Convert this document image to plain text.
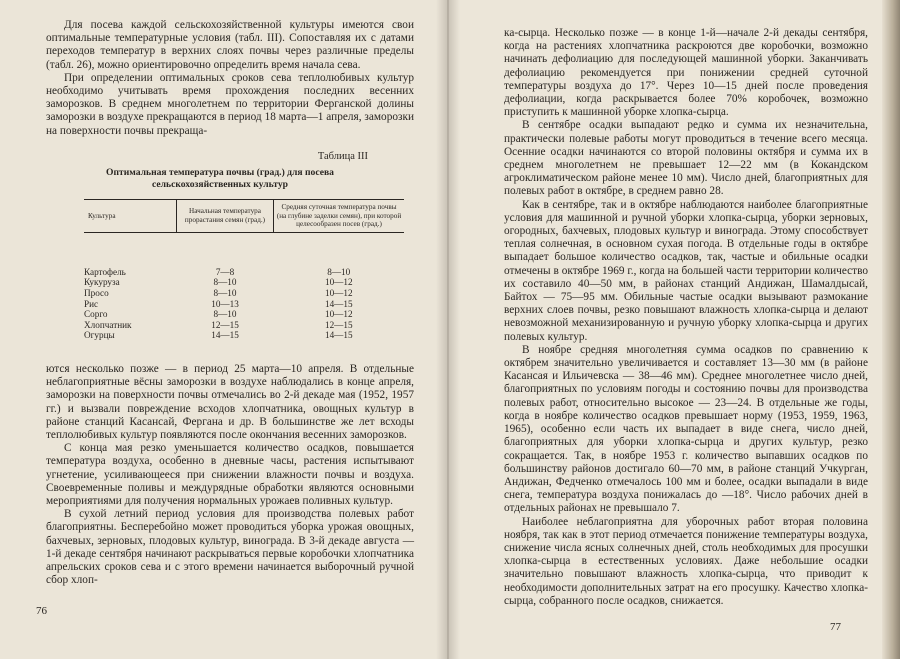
Для посева каждой сельскохозяйственной культуры имеются свои оптимальные температурные условия (табл. III). Сопоставляя их с датами переходов температур в верхних слоях почвы через различные пределы (табл. 26), можно ориентировочно определить время начала сева.

При определении оптимальных сроков сева теплолюбивых культур необходимо учитывать время прохождения последних весенних заморозков. В среднем многолетнем по территории Ферганской долины заморозки в воздухе прекращаются в период 18 марта—1 апреля, заморозки на поверхности почвы прекраща-

Таблица III
Оптимальная температура почвы (град.) для посева сельскохозяйственных культур
Культура	Начальная температура прорастания семян (град.)	Средняя суточная температура почвы (на глубине заделки семян), при которой целесообразен посев (град.)
Картофель	7—8	8—10
Кукуруза	8—10	10—12
Просо	8—10	10—12
Рис	10—13	14—15
Сорго	8—10	10—12
Хлопчатник	12—15	12—15
Огурцы	14—15	14—15

ются несколько позже — в период 25 марта—10 апреля. В отдельные неблагоприятные вёсны заморозки в воздухе наблюдались в конце апреля, заморозки на поверхности почвы отмечались во 2-й декаде мая (1952, 1957 гг.) и вызвали повреждение всходов хлопчатника, овощных культур в районе станций Касансай, Фергана и др. В большинстве же лет всходы теплолюбивых культур появляются после окончания весенних заморозков.

С конца мая резко уменьшается количество осадков, повышается температура воздуха, особенно в дневные часы, растения испытывают угнетение, усиливающееся при снижении влажности почвы и воздуха. Своевременные поливы и междурядные обработки являются основными мероприятиями для получения нормальных урожаев поливных культур.

В сухой летний период условия для производства полевых работ благоприятны. Бесперебойно может проводиться уборка урожая овощных, бахчевых, зерновых, плодовых культур, винограда. В 3-й декаде августа — 1-й декаде сентября начинают раскрываться первые коробочки хлопчатника апрельских сроков сева и с этого времени начинается выборочный ручной сбор хлоп-

76

ка-сырца. Несколько позже — в конце 1-й—начале 2-й декады сентября, когда на растениях хлопчатника раскроются две коробочки, возможно начинать дефолиацию для последующей машинной уборки. Заканчивать дефолиацию рекомендуется при понижении средней суточной температуры воздуха до 17°. Через 10—15 дней после проведения дефолиации, когда раскрывается более 70% коробочек, возможно приступить к машинной уборке хлопка-сырца.

В сентябре осадки выпадают редко и сумма их незначительна, практически полевые работы могут проводиться в течение всего месяца. Осенние осадки начинаются со второй половины октября и сумма их в среднем многолетнем не превышает 12—22 мм (в Кокандском агроклиматическом районе менее 10 мм). Число дней, благоприятных для полевых работ в октябре, в среднем равно 28.

Как в сентябре, так и в октябре наблюдаются наиболее благоприятные условия для машинной и ручной уборки хлопка-сырца, уборки зерновых, огородных, бахчевых, плодовых культур и винограда. Этому способствует теплая солнечная, в основном сухая погода. В отдельные годы в октябре выпадает большое количество осадков, так, частые и обильные осадки отмечены в октябре 1969 г., когда на большей части территории количество их составило 40—50 мм, в районах станций Андижан, Шамалдысай, Байтох — 75—95 мм. Обильные частые осадки вызывают размокание верхних слоев почвы, резко повышают влажность хлопка-сырца и делают невозможной механизированную и ручную уборку хлопка-сырца и других полевых культур.

В ноябре средняя многолетняя сумма осадков по сравнению к октябрем значительно увеличивается и составляет 13—30 мм (в районе Касансая и Ильичевска — 38—46 мм). Среднее многолетнее число дней, благоприятных по условиям погоды и состоянию почвы для производства полевых работ, относительно высокое — 23—24. В отдельные же годы, когда в ноябре количество осадков превышает норму (1953, 1959, 1963, 1965), особенно если часть их выпадает в виде снега, число дней, благоприятных для уборки хлопка-сырца и других культур, резко сокращается. Так, в ноябре 1953 г. количество выпавших осадков по большинству районов достигало 60—70 мм, в районе станций Учкурган, Андижан, Федченко отмечалось 100 мм и более, осадки выпадали в виде снега, температура воздуха понижалась до —18°. Число рабочих дней в отдельных районах не превышало 7.

Наиболее неблагоприятна для уборочных работ вторая половина ноября, так как в этот период отмечается понижение температуры воздуха, снижение числа ясных солнечных дней, столь необходимых для просушки хлопка-сырца в естественных условиях. Даже небольшие осадки значительно повышают влажность хлопка-сырца, что приводит к необходимости дополнительных затрат на его просушку. Качество хлопка-сырца, собранного после осадков, снижается.

77
